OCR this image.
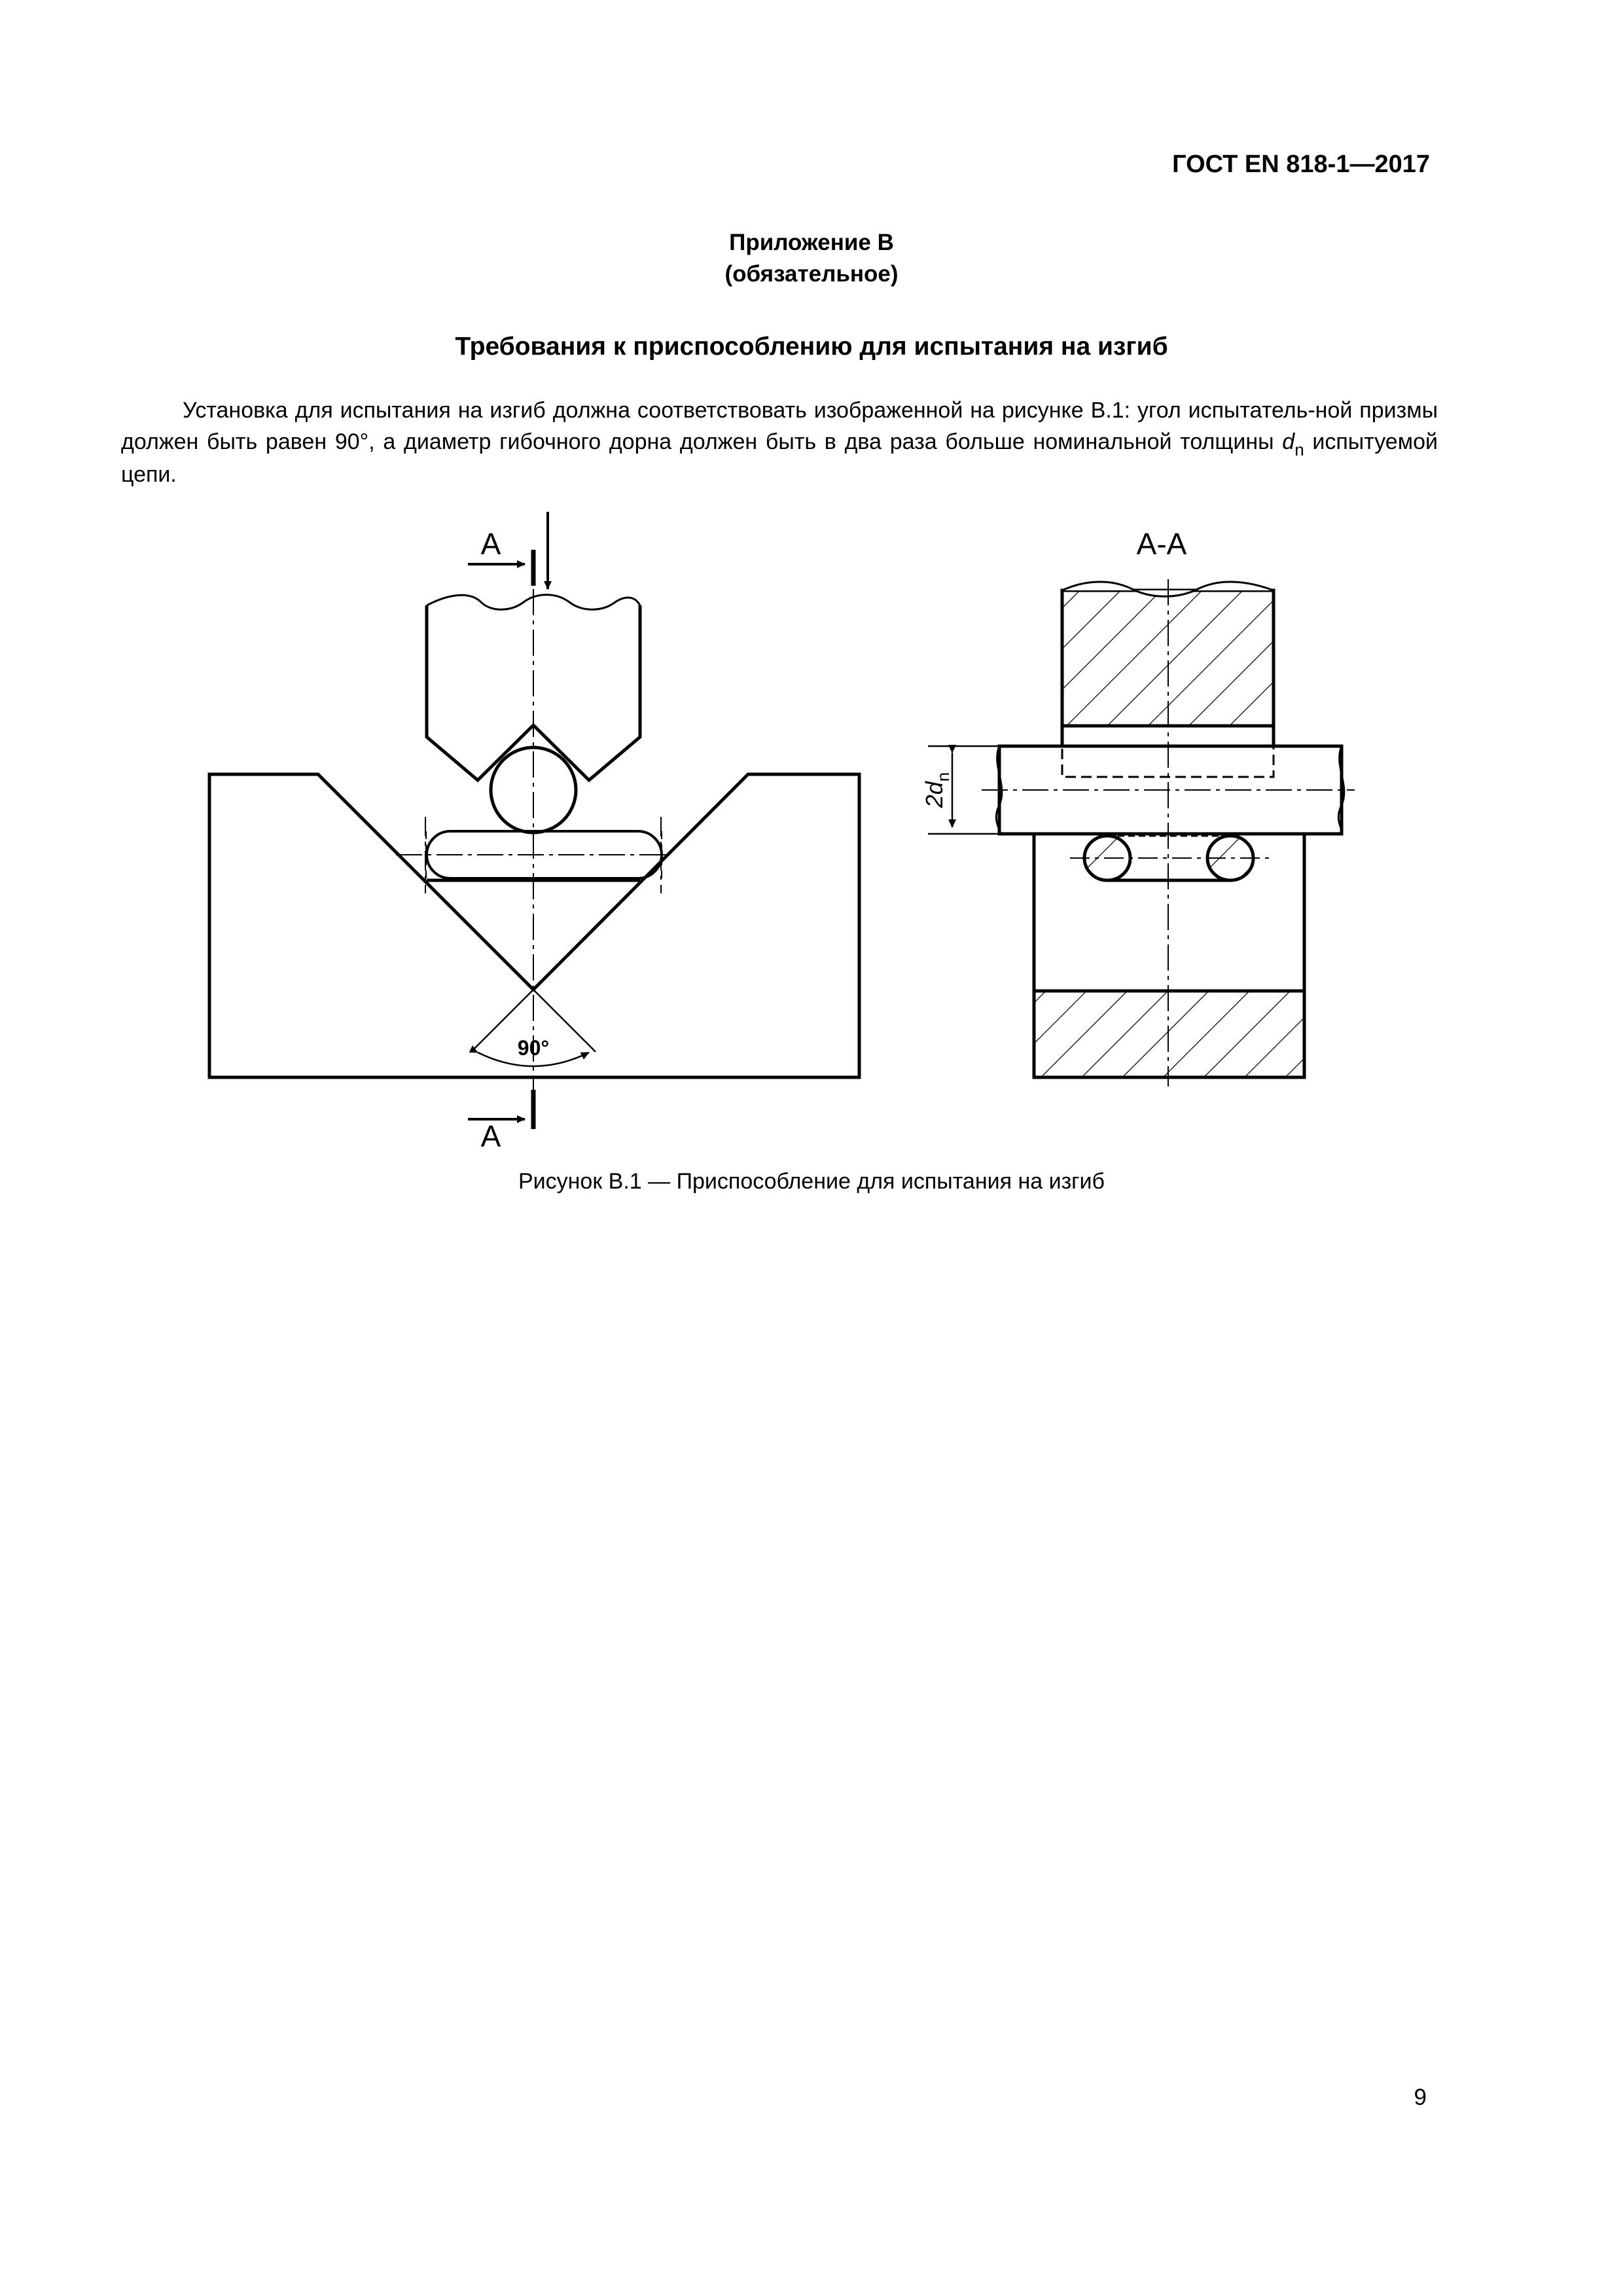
ГОСТ EN 818-1—2017
Приложение В
(обязательное)
Требования к приспособлению для испытания на изгиб

Установка для испытания на изгиб должна соответствовать изображенной на рисунке В.1: угол испытатель-ной призмы должен быть равен 90°, а диаметр гибочного дорна должен быть в два раза больше номинальной толщины $d_n$ испытуемой цепи.

А
А
90°
А-А
$2d_n$
Рисунок В.1 — Приспособление для испытания на изгиб
9
